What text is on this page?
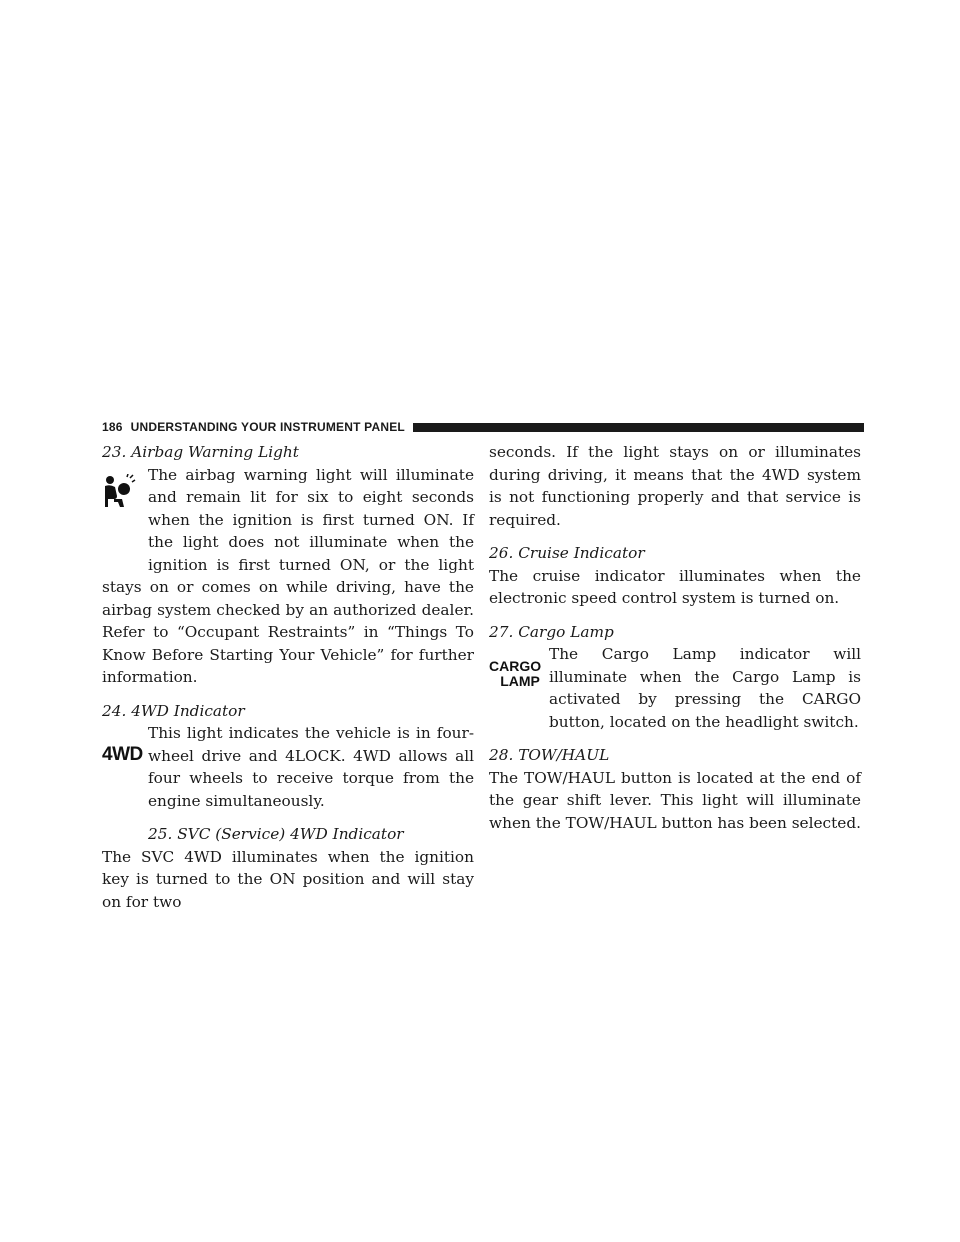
186 UNDERSTANDING YOUR INSTRUMENT PANEL
23. Airbag Warning Light
The airbag warning light will illuminate and remain lit for six to eight seconds when the ignition is first turned ON. If the light does not illuminate when the ignition is first turned ON, or the light stays on or comes on while driving, have the airbag system checked by an authorized dealer. Refer to “Occupant Restraints” in “Things To Know Before Starting Your Vehicle” for further information.
24. 4WD Indicator
4WD
This light indicates the vehicle is in four-wheel drive and 4LOCK. 4WD allows all four wheels to receive torque from the engine simultaneously.
25. SVC (Service) 4WD Indicator
The SVC 4WD illuminates when the ignition key is turned to the ON position and will stay on for two
seconds. If the light stays on or illuminates during driving, it means that the 4WD system is not functioning properly and that service is required.
26. Cruise Indicator
The cruise indicator illuminates when the electronic speed control system is turned on.
27. Cargo Lamp
CARGO
LAMP
The Cargo Lamp indicator will illuminate when the Cargo Lamp is activated by pressing the CARGO button, located on the headlight switch.
28. TOW/HAUL
The TOW/HAUL button is located at the end of the gear shift lever. This light will illuminate when the TOW/HAUL button has been selected.
